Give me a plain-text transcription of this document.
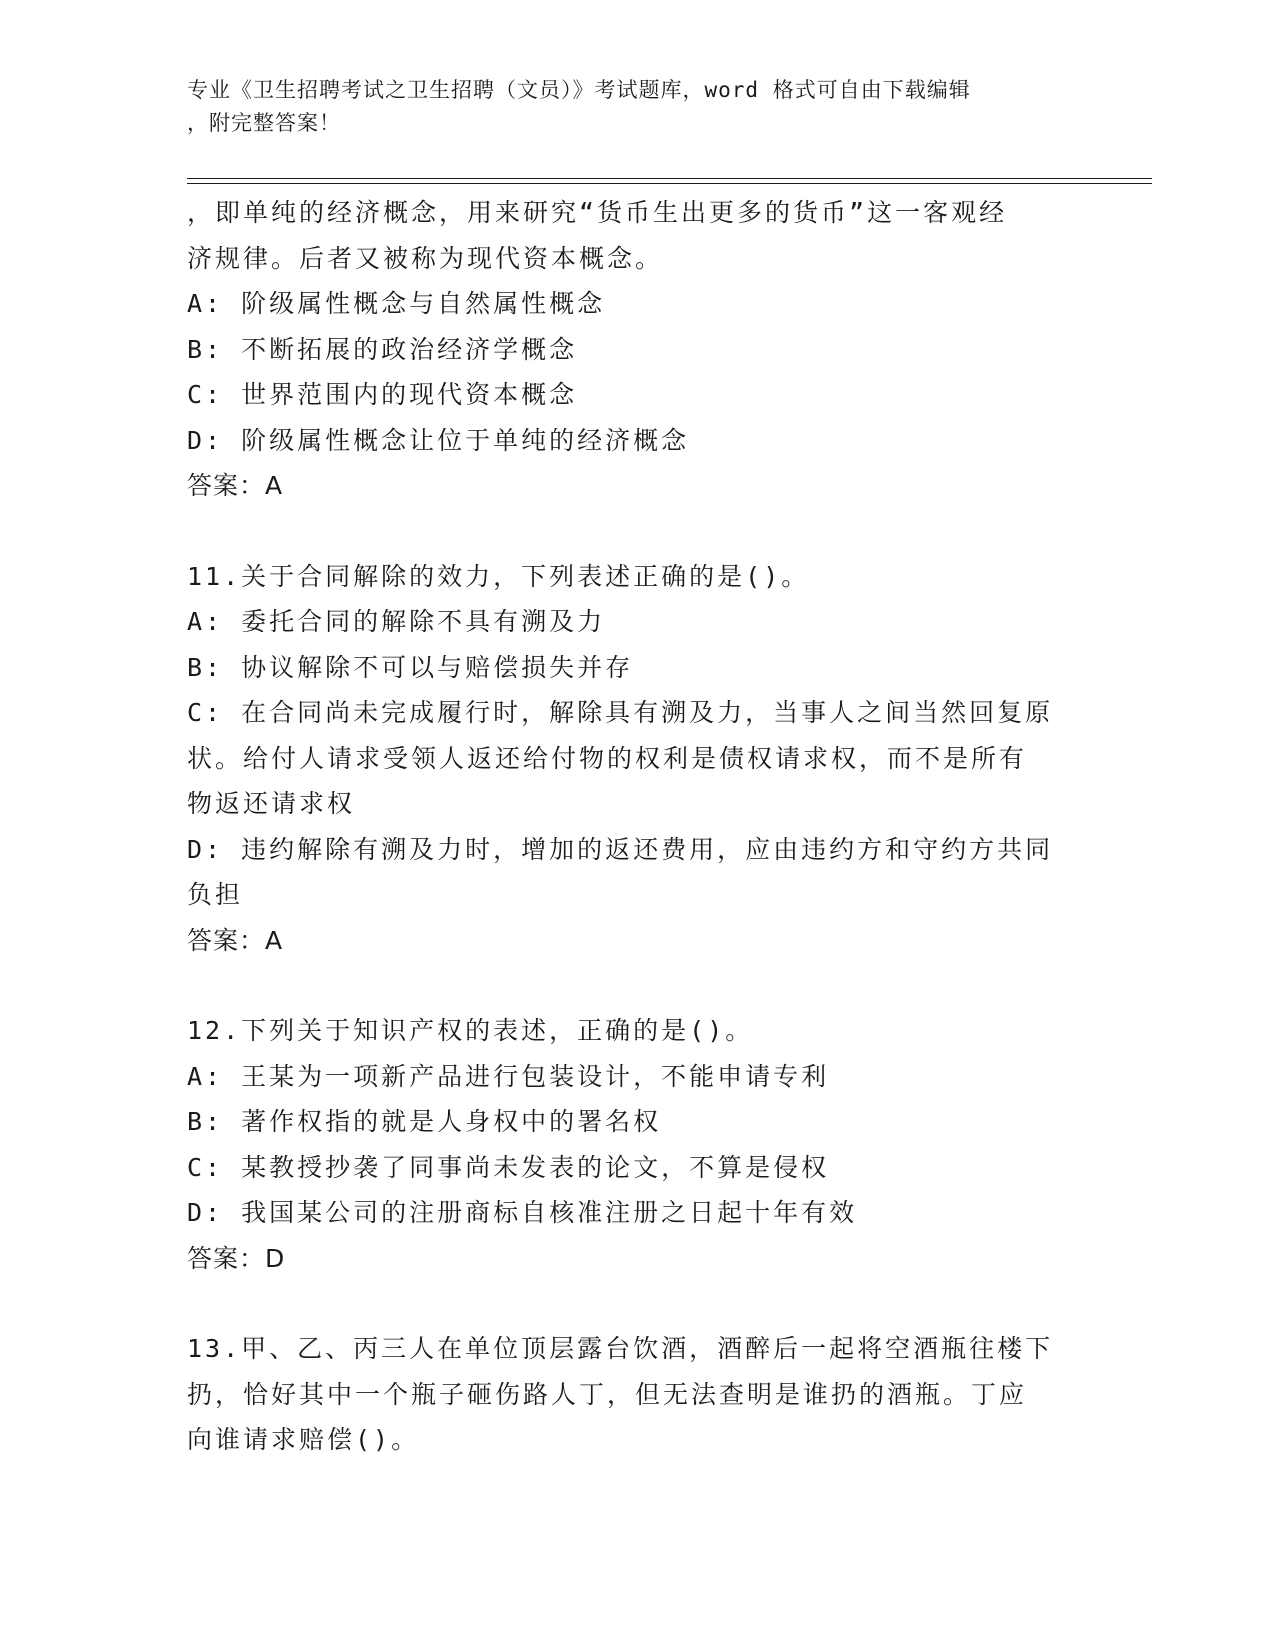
专业《卫生招聘考试之卫生招聘（文员）》考试题库，word 格式可自由下载编辑
，附完整答案！

，即单纯的经济概念，用来研究“货币生出更多的货币”这一客观经

济规律。后者又被称为现代资本概念。

A: 阶级属性概念与自然属性概念

B: 不断拓展的政治经济学概念

C: 世界范围内的现代资本概念

D: 阶级属性概念让位于单纯的经济概念

答案：A

11.关于合同解除的效力，下列表述正确的是()。

A: 委托合同的解除不具有溯及力

B: 协议解除不可以与赔偿损失并存

C: 在合同尚未完成履行时，解除具有溯及力，当事人之间当然回复原

状。给付人请求受领人返还给付物的权利是债权请求权，而不是所有

物返还请求权

D: 违约解除有溯及力时，增加的返还费用，应由违约方和守约方共同

负担

答案：A

12.下列关于知识产权的表述，正确的是()。

A: 王某为一项新产品进行包装设计，不能申请专利

B: 著作权指的就是人身权中的署名权

C: 某教授抄袭了同事尚未发表的论文，不算是侵权

D: 我国某公司的注册商标自核准注册之日起十年有效

答案：D

13.甲、乙、丙三人在单位顶层露台饮酒，酒醉后一起将空酒瓶往楼下

扔，恰好其中一个瓶子砸伤路人丁，但无法查明是谁扔的酒瓶。丁应

向谁请求赔偿()。
